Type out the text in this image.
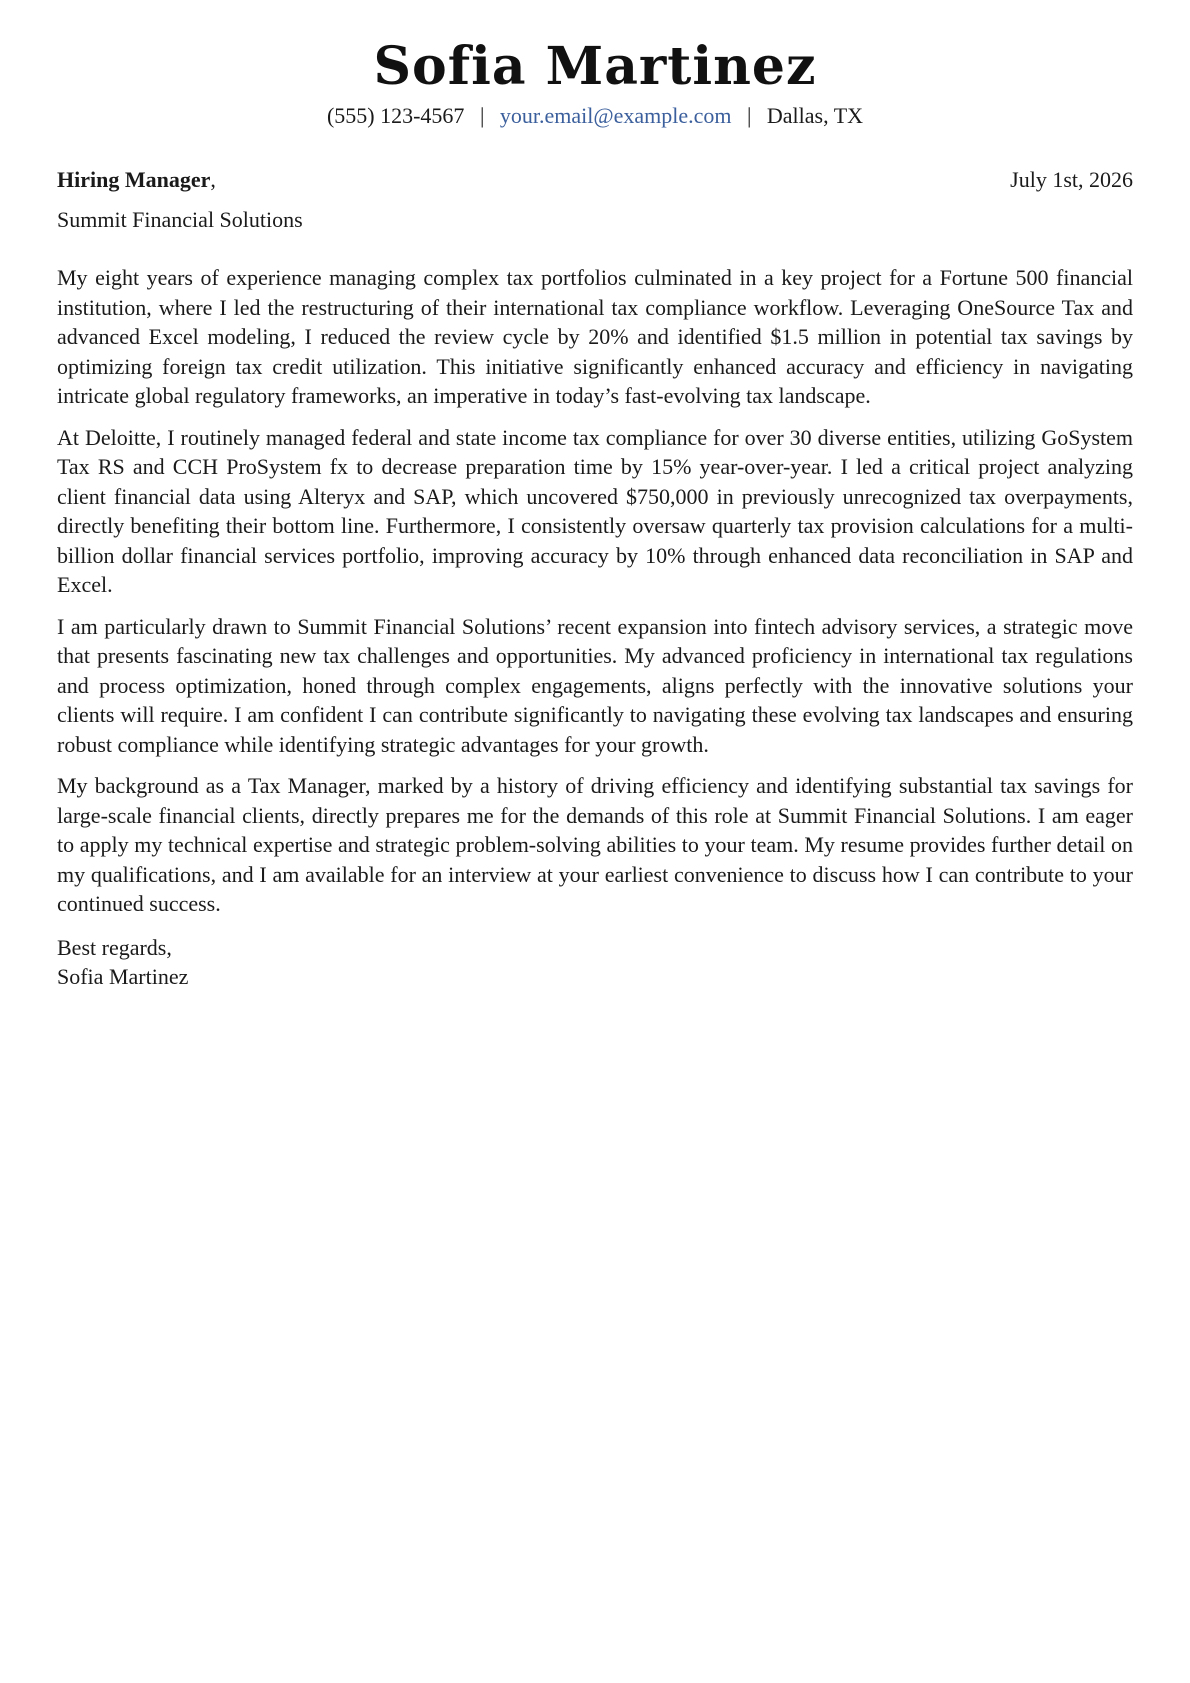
Sofia Martinez
(555) 123-4567 | your.email@example.com | Dallas, TX
Hiring Manager,	July 1st, 2026
Summit Financial Solutions

My eight years of experience managing complex tax portfolios culminated in a key project for a Fortune 500 financial institution, where I led the restructuring of their international tax compliance workflow. Leveraging OneSource Tax and advanced Excel modeling, I reduced the review cycle by 20% and identified $1.5 million in potential tax savings by optimizing foreign tax credit utilization. This initiative significantly enhanced accuracy and efficiency in navigating intricate global regulatory frameworks, an imperative in today’s fast-evolving tax landscape.

At Deloitte, I routinely managed federal and state income tax compliance for over 30 diverse entities, utilizing GoSystem Tax RS and CCH ProSystem fx to decrease preparation time by 15% year-over-year. I led a critical project analyzing client financial data using Alteryx and SAP, which uncovered $750,000 in previously unrecognized tax overpayments, directly benefiting their bottom line. Furthermore, I consistently oversaw quarterly tax provision calculations for a multi-billion dollar financial services portfolio, improving accuracy by 10% through enhanced data reconciliation in SAP and Excel.

I am particularly drawn to Summit Financial Solutions’ recent expansion into fintech advisory services, a strategic move that presents fascinating new tax challenges and opportunities. My advanced proficiency in international tax regulations and process optimization, honed through complex engagements, aligns perfectly with the innovative solutions your clients will require. I am confident I can contribute significantly to navigating these evolving tax landscapes and ensuring robust compliance while identifying strategic advantages for your growth.

My background as a Tax Manager, marked by a history of driving efficiency and identifying substantial tax savings for large-scale financial clients, directly prepares me for the demands of this role at Summit Financial Solutions. I am eager to apply my technical expertise and strategic problem-solving abilities to your team. My resume provides further detail on my qualifications, and I am available for an interview at your earliest convenience to discuss how I can contribute to your continued success.

Best regards,
Sofia Martinez
